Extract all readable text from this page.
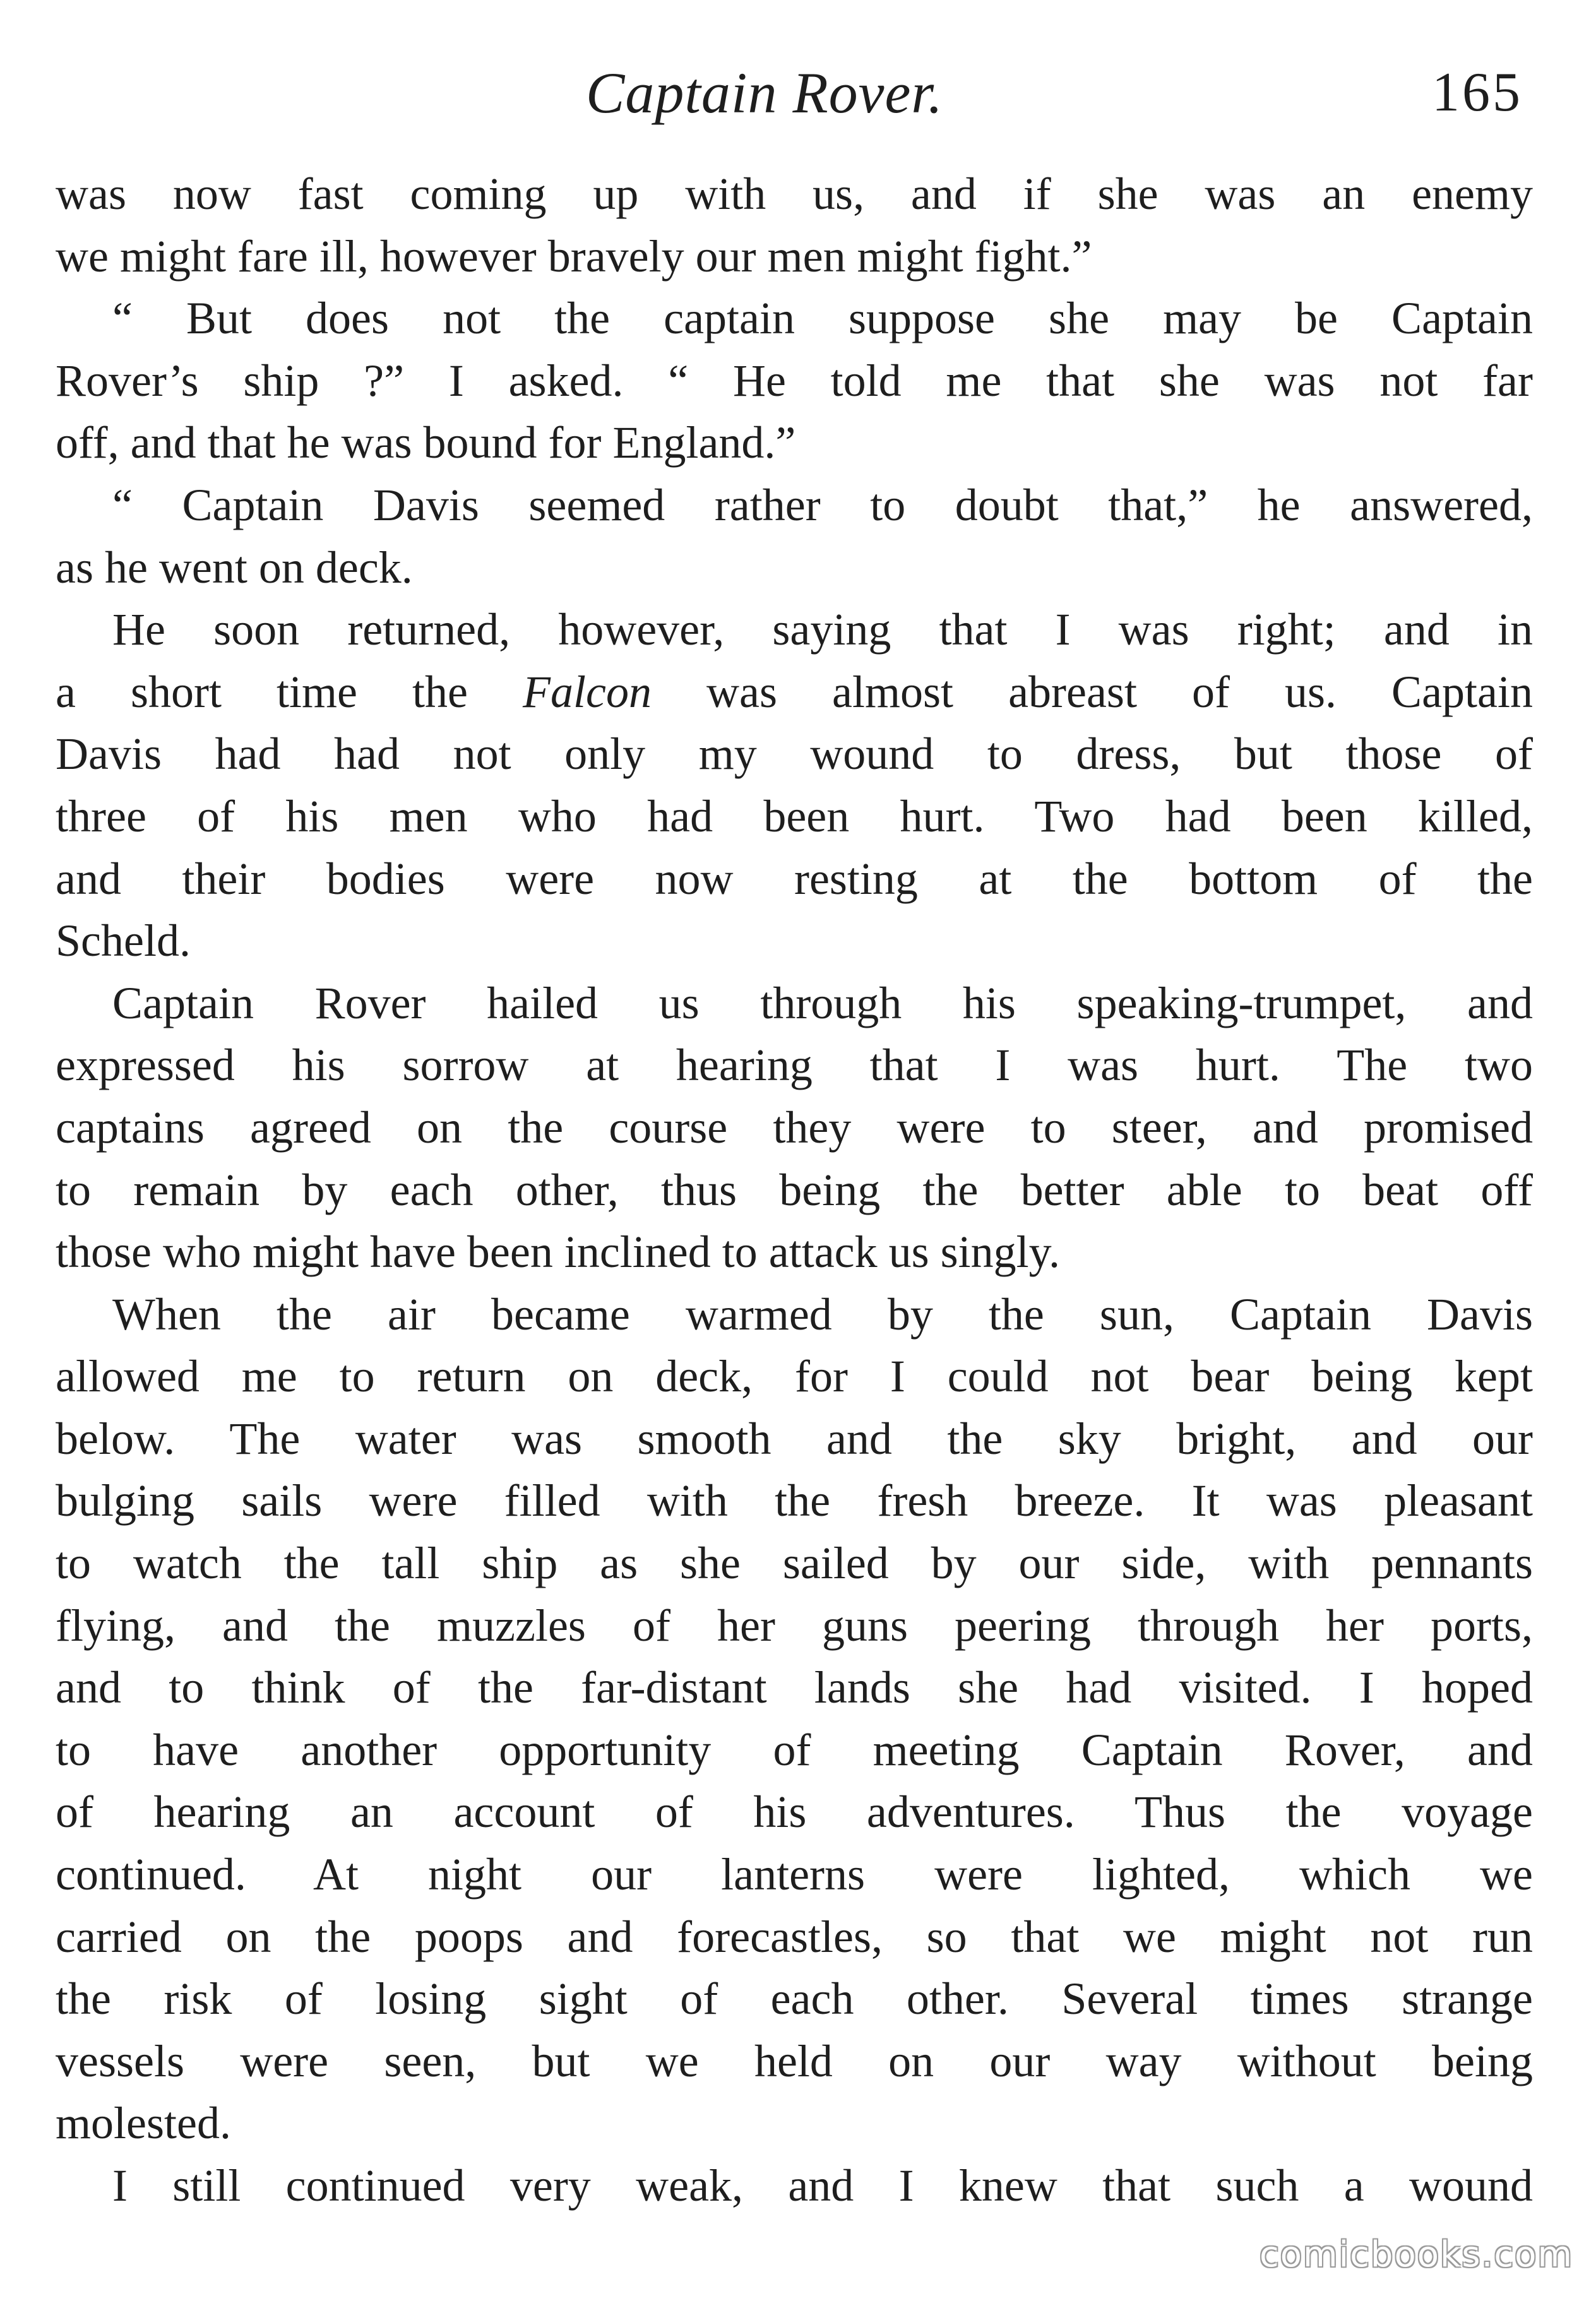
Captain Rover.	165
was now fast coming up with us, and if she was an enemy
we might fare ill, however bravely our men might fight.”
“ But does not the captain suppose she may be Captain
Rover’s ship ?” I asked. “ He told me that she was not far
off, and that he was bound for England.”
“ Captain Davis seemed rather to doubt that,” he answered,
as he went on deck.
He soon returned, however, saying that I was right; and in
a short time the Falcon was almost abreast of us. Captain
Davis had had not only my wound to dress, but those of
three of his men who had been hurt. Two had been killed,
and their bodies were now resting at the bottom of the
Scheld.
Captain Rover hailed us through his speaking-trumpet, and
expressed his sorrow at hearing that I was hurt. The two
captains agreed on the course they were to steer, and promised
to remain by each other, thus being the better able to beat off
those who might have been inclined to attack us singly.
When the air became warmed by the sun, Captain Davis
allowed me to return on deck, for I could not bear being kept
below. The water was smooth and the sky bright, and our
bulging sails were filled with the fresh breeze. It was pleasant
to watch the tall ship as she sailed by our side, with pennants
flying, and the muzzles of her guns peering through her ports,
and to think of the far-distant lands she had visited. I hoped
to have another opportunity of meeting Captain Rover, and
of hearing an account of his adventures. Thus the voyage
continued. At night our lanterns were lighted, which we
carried on the poops and forecastles, so that we might not run
the risk of losing sight of each other. Several times strange
vessels were seen, but we held on our way without being
molested.
I still continued very weak, and I knew that such a wound
comicbooks.com
